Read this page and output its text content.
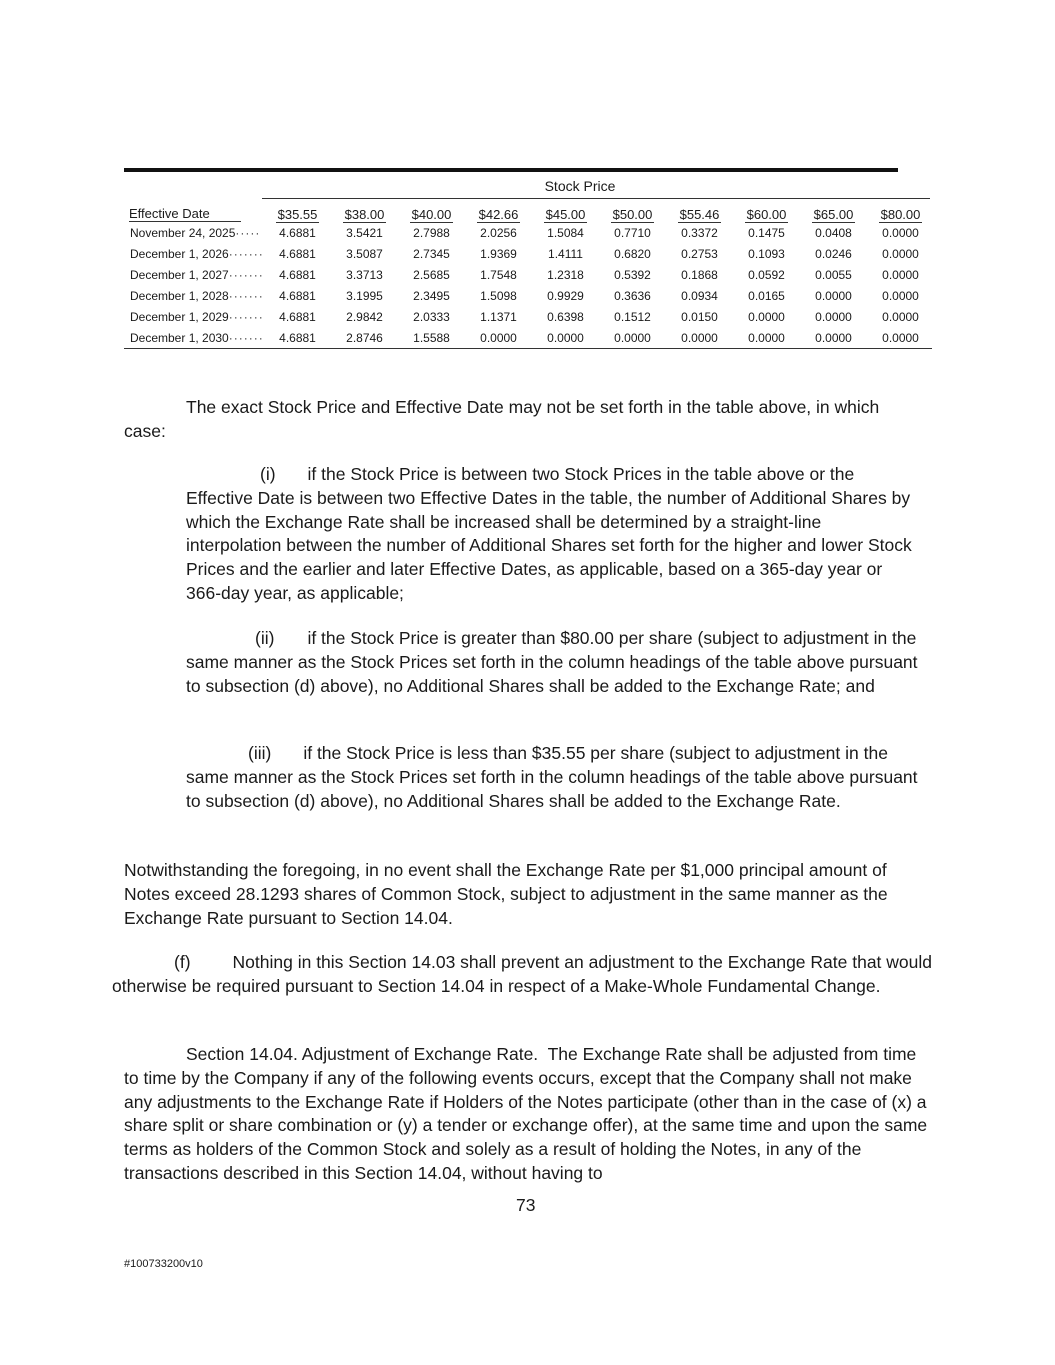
Stock Price
Effective Date	$35.55	$38.00	$40.00	$42.66	$45.00	$50.00	$55.46	$60.00	$65.00	$80.00
November 24, 2025·····	4.6881	3.5421	2.7988	2.0256	1.5084	0.7710	0.3372	0.1475	0.0408	0.0000
December 1, 2026·······	4.6881	3.5087	2.7345	1.9369	1.4111	0.6820	0.2753	0.1093	0.0246	0.0000
December 1, 2027·······	4.6881	3.3713	2.5685	1.7548	1.2318	0.5392	0.1868	0.0592	0.0055	0.0000
December 1, 2028·······	4.6881	3.1995	2.3495	1.5098	0.9929	0.3636	0.0934	0.0165	0.0000	0.0000
December 1, 2029·······	4.6881	2.9842	2.0333	1.1371	0.6398	0.1512	0.0150	0.0000	0.0000	0.0000
December 1, 2030·······	4.6881	2.8746	1.5588	0.0000	0.0000	0.0000	0.0000	0.0000	0.0000	0.0000
The exact Stock Price and Effective Date may not be set forth in the table above, in which case:
(i) if the Stock Price is between two Stock Prices in the table above or the Effective Date is between two Effective Dates in the table, the number of Additional Shares by which the Exchange Rate shall be increased shall be determined by a straight-line interpolation between the number of Additional Shares set forth for the higher and lower Stock Prices and the earlier and later Effective Dates, as applicable, based on a 365-day year or 366-day year, as applicable;
(ii) if the Stock Price is greater than $80.00 per share (subject to adjustment in the same manner as the Stock Prices set forth in the column headings of the table above pursuant to subsection (d) above), no Additional Shares shall be added to the Exchange Rate; and
(iii) if the Stock Price is less than $35.55 per share (subject to adjustment in the same manner as the Stock Prices set forth in the column headings of the table above pursuant to subsection (d) above), no Additional Shares shall be added to the Exchange Rate.
Notwithstanding the foregoing, in no event shall the Exchange Rate per $1,000 principal amount of Notes exceed 28.1293 shares of Common Stock, subject to adjustment in the same manner as the Exchange Rate pursuant to Section 14.04.
(f) Nothing in this Section 14.03 shall prevent an adjustment to the Exchange Rate that would otherwise be required pursuant to Section 14.04 in respect of a Make-Whole Fundamental Change.
Section 14.04. Adjustment of Exchange Rate. The Exchange Rate shall be adjusted from time to time by the Company if any of the following events occurs, except that the Company shall not make any adjustments to the Exchange Rate if Holders of the Notes participate (other than in the case of (x) a share split or share combination or (y) a tender or exchange offer), at the same time and upon the same terms as holders of the Common Stock and solely as a result of holding the Notes, in any of the transactions described in this Section 14.04, without having to
73
#100733200v10
